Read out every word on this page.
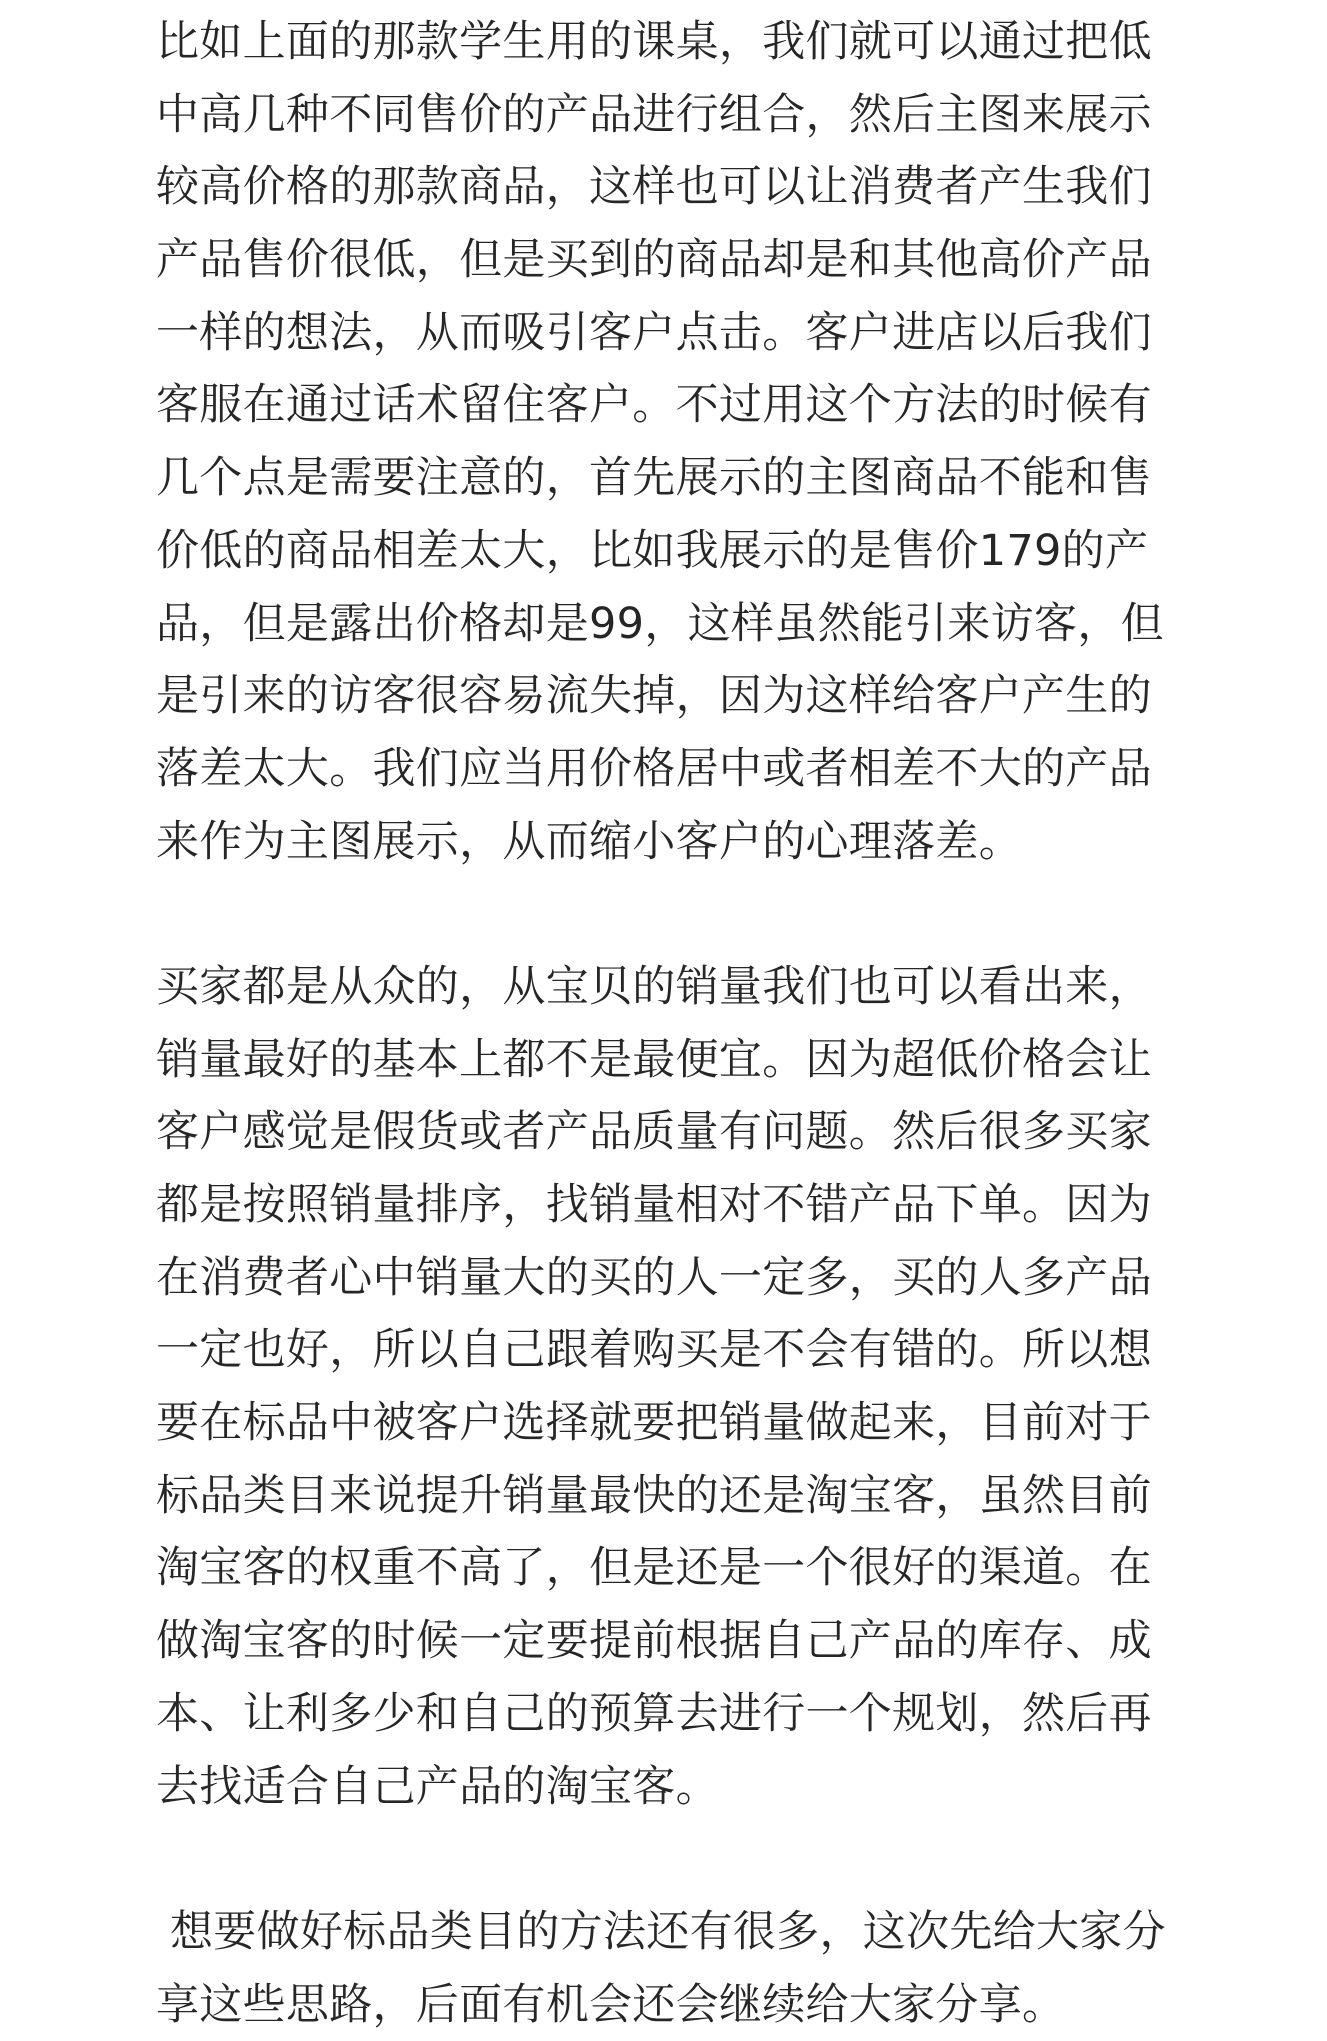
比如上面的那款学生用的课桌，我们就可以通过把低
中高几种不同售价的产品进行组合，然后主图来展示
较高价格的那款商品，这样也可以让消费者产生我们
产品售价很低，但是买到的商品却是和其他高价产品
一样的想法，从而吸引客户点击。客户进店以后我们
客服在通过话术留住客户。不过用这个方法的时候有
几个点是需要注意的，首先展示的主图商品不能和售
价低的商品相差太大，比如我展示的是售价179的产
品，但是露出价格却是99，这样虽然能引来访客，但
是引来的访客很容易流失掉，因为这样给客户产生的
落差太大。我们应当用价格居中或者相差不大的产品
来作为主图展示，从而缩小客户的心理落差。
买家都是从众的，从宝贝的销量我们也可以看出来，
销量最好的基本上都不是最便宜。因为超低价格会让
客户感觉是假货或者产品质量有问题。然后很多买家
都是按照销量排序，找销量相对不错产品下单。因为
在消费者心中销量大的买的人一定多，买的人多产品
一定也好，所以自己跟着购买是不会有错的。所以想
要在标品中被客户选择就要把销量做起来，目前对于
标品类目来说提升销量最快的还是淘宝客，虽然目前
淘宝客的权重不高了，但是还是一个很好的渠道。在
做淘宝客的时候一定要提前根据自己产品的库存、成
本、让利多少和自己的预算去进行一个规划，然后再
去找适合自己产品的淘宝客。
想要做好标品类目的方法还有很多，这次先给大家分
享这些思路，后面有机会还会继续给大家分享。
